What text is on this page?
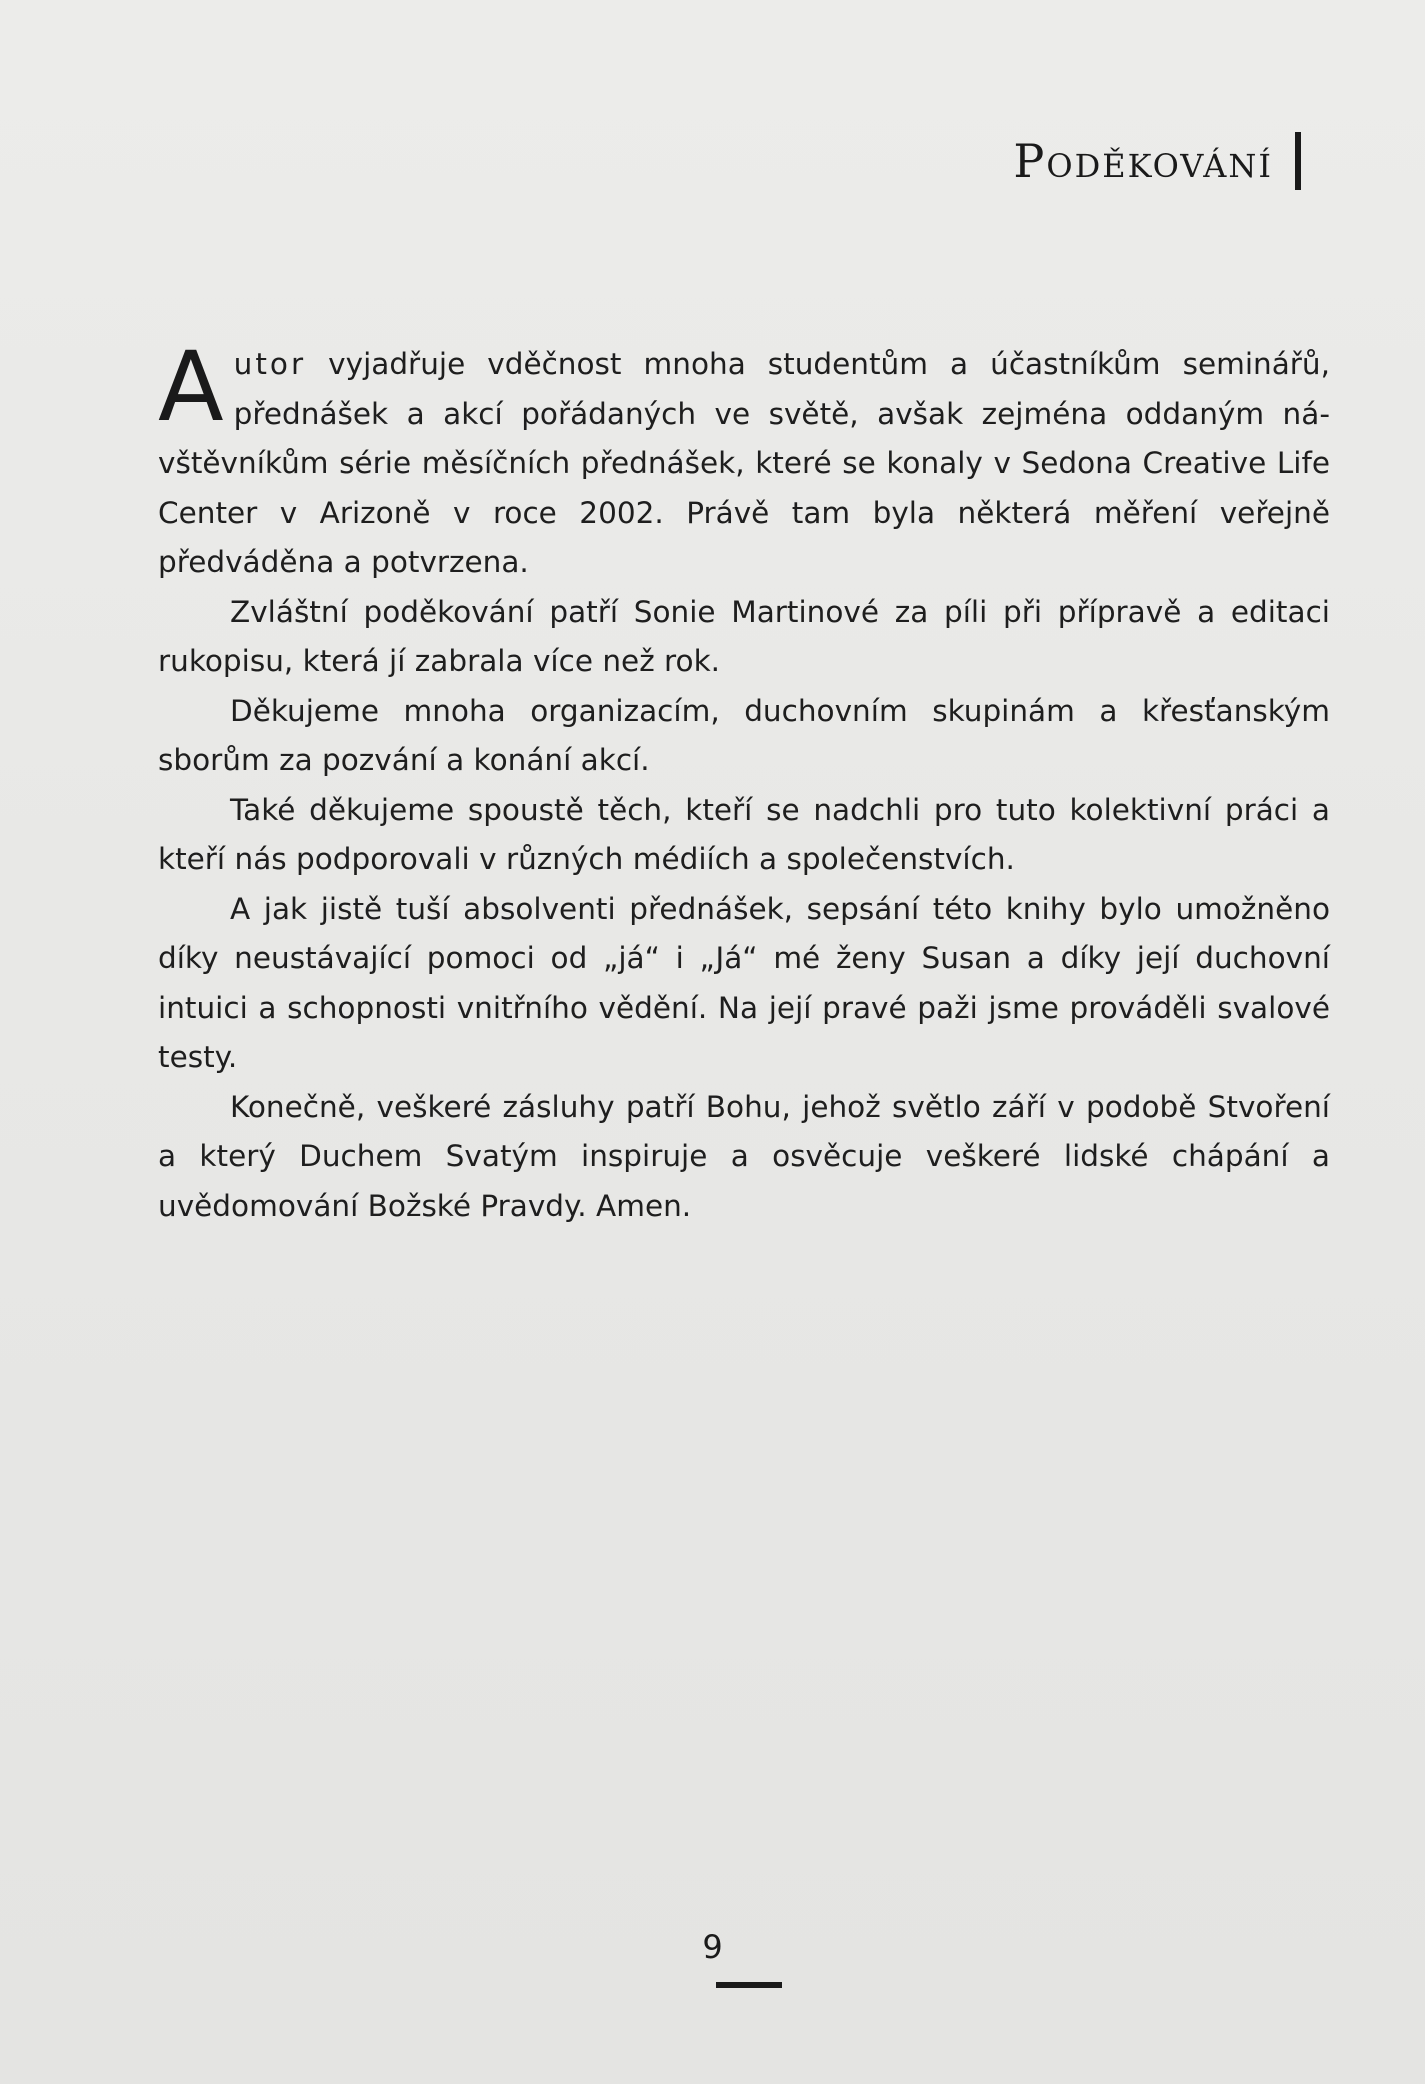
Poděkování

Autor vyjadřuje vděčnost mnoha studentům a účastníkům seminářů, přednášek a akcí pořádaných ve světě, avšak zejména oddaným návštěvníkům série měsíčních přednášek, které se konaly v Sedona Creative Life Center v Arizoně v roce 2002. Právě tam byla některá měření veřejně předváděna a potvrzena.

Zvláštní poděkování patří Sonie Martinové za píli při přípravě a editaci rukopisu, která jí zabrala více než rok.

Děkujeme mnoha organizacím, duchovním skupinám a křesťanským sborům za pozvání a konání akcí.

Také děkujeme spoustě těch, kteří se nadchli pro tuto kolektivní práci a kteří nás podporovali v různých médiích a společenstvích.

A jak jistě tuší absolventi přednášek, sepsání této knihy bylo umožněno díky neustávající pomoci od „já“ i „Já“ mé ženy Susan a díky její duchovní intuici a schopnosti vnitřního vědění. Na její pravé paži jsme prováděli svalové testy.

Konečně, veškeré zásluhy patří Bohu, jehož světlo září v podobě Stvoření a který Duchem Svatým inspiruje a osvěcuje veškeré lidské chápání a uvědomování Božské Pravdy. Amen.

9
